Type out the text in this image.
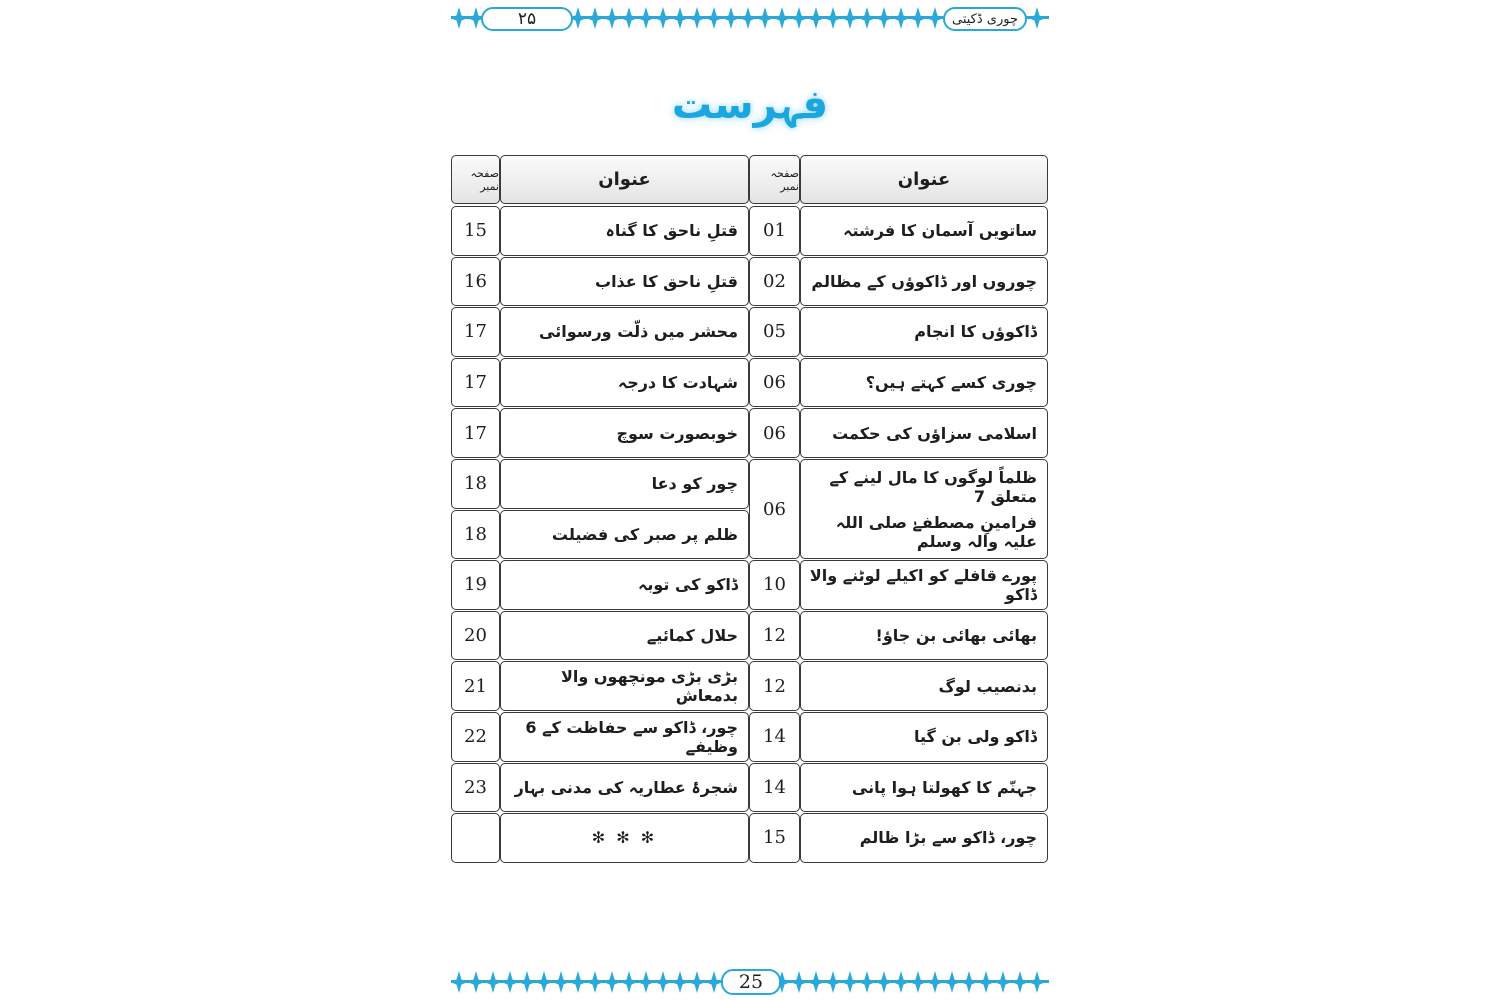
۲۵	چوری ڈکیتی
فہرست
عنوان
صفحہ نمبر
عنوان
صفحہ نمبر
ساتویں آسمان کا فرشتہ
01
چوروں اور ڈاکوؤں کے مظالم
02
ڈاکوؤں کا انجام
05
چوری کسے کہتے ہیں؟
06
اسلامی سزاؤں کی حکمت
06
ظلماً لوگوں کا مال لینے کے متعلق 7
فرامینِ مصطفےٰ صلی اللہ علیہ والہ وسلم
06
پورے قافلے کو اکیلے لوٹنے والا ڈاکو
10
بھائی بھائی بن جاؤ!
12
بدنصیب لوگ
12
ڈاکو ولی بن گیا
14
جہنّم کا کھولتا ہوا پانی
14
چور، ڈاکو سے بڑا ظالم
15
قتلِ ناحق کا گناہ
15
قتلِ ناحق کا عذاب
16
محشر میں ذلّت ورسوائی
17
شہادت کا درجہ
17
خوبصورت سوچ
17
چور کو دعا
18
ظلم پر صبر کی فضیلت
18
ڈاکو کی توبہ
19
حلال کمائیے
20
بڑی بڑی مونچھوں والا بدمعاش
21
چور، ڈاکو سے حفاظت کے 6 وظیفے
22
شجرۂ عطاریہ کی مدنی بہار
23
✻ ✻ ✻
25
